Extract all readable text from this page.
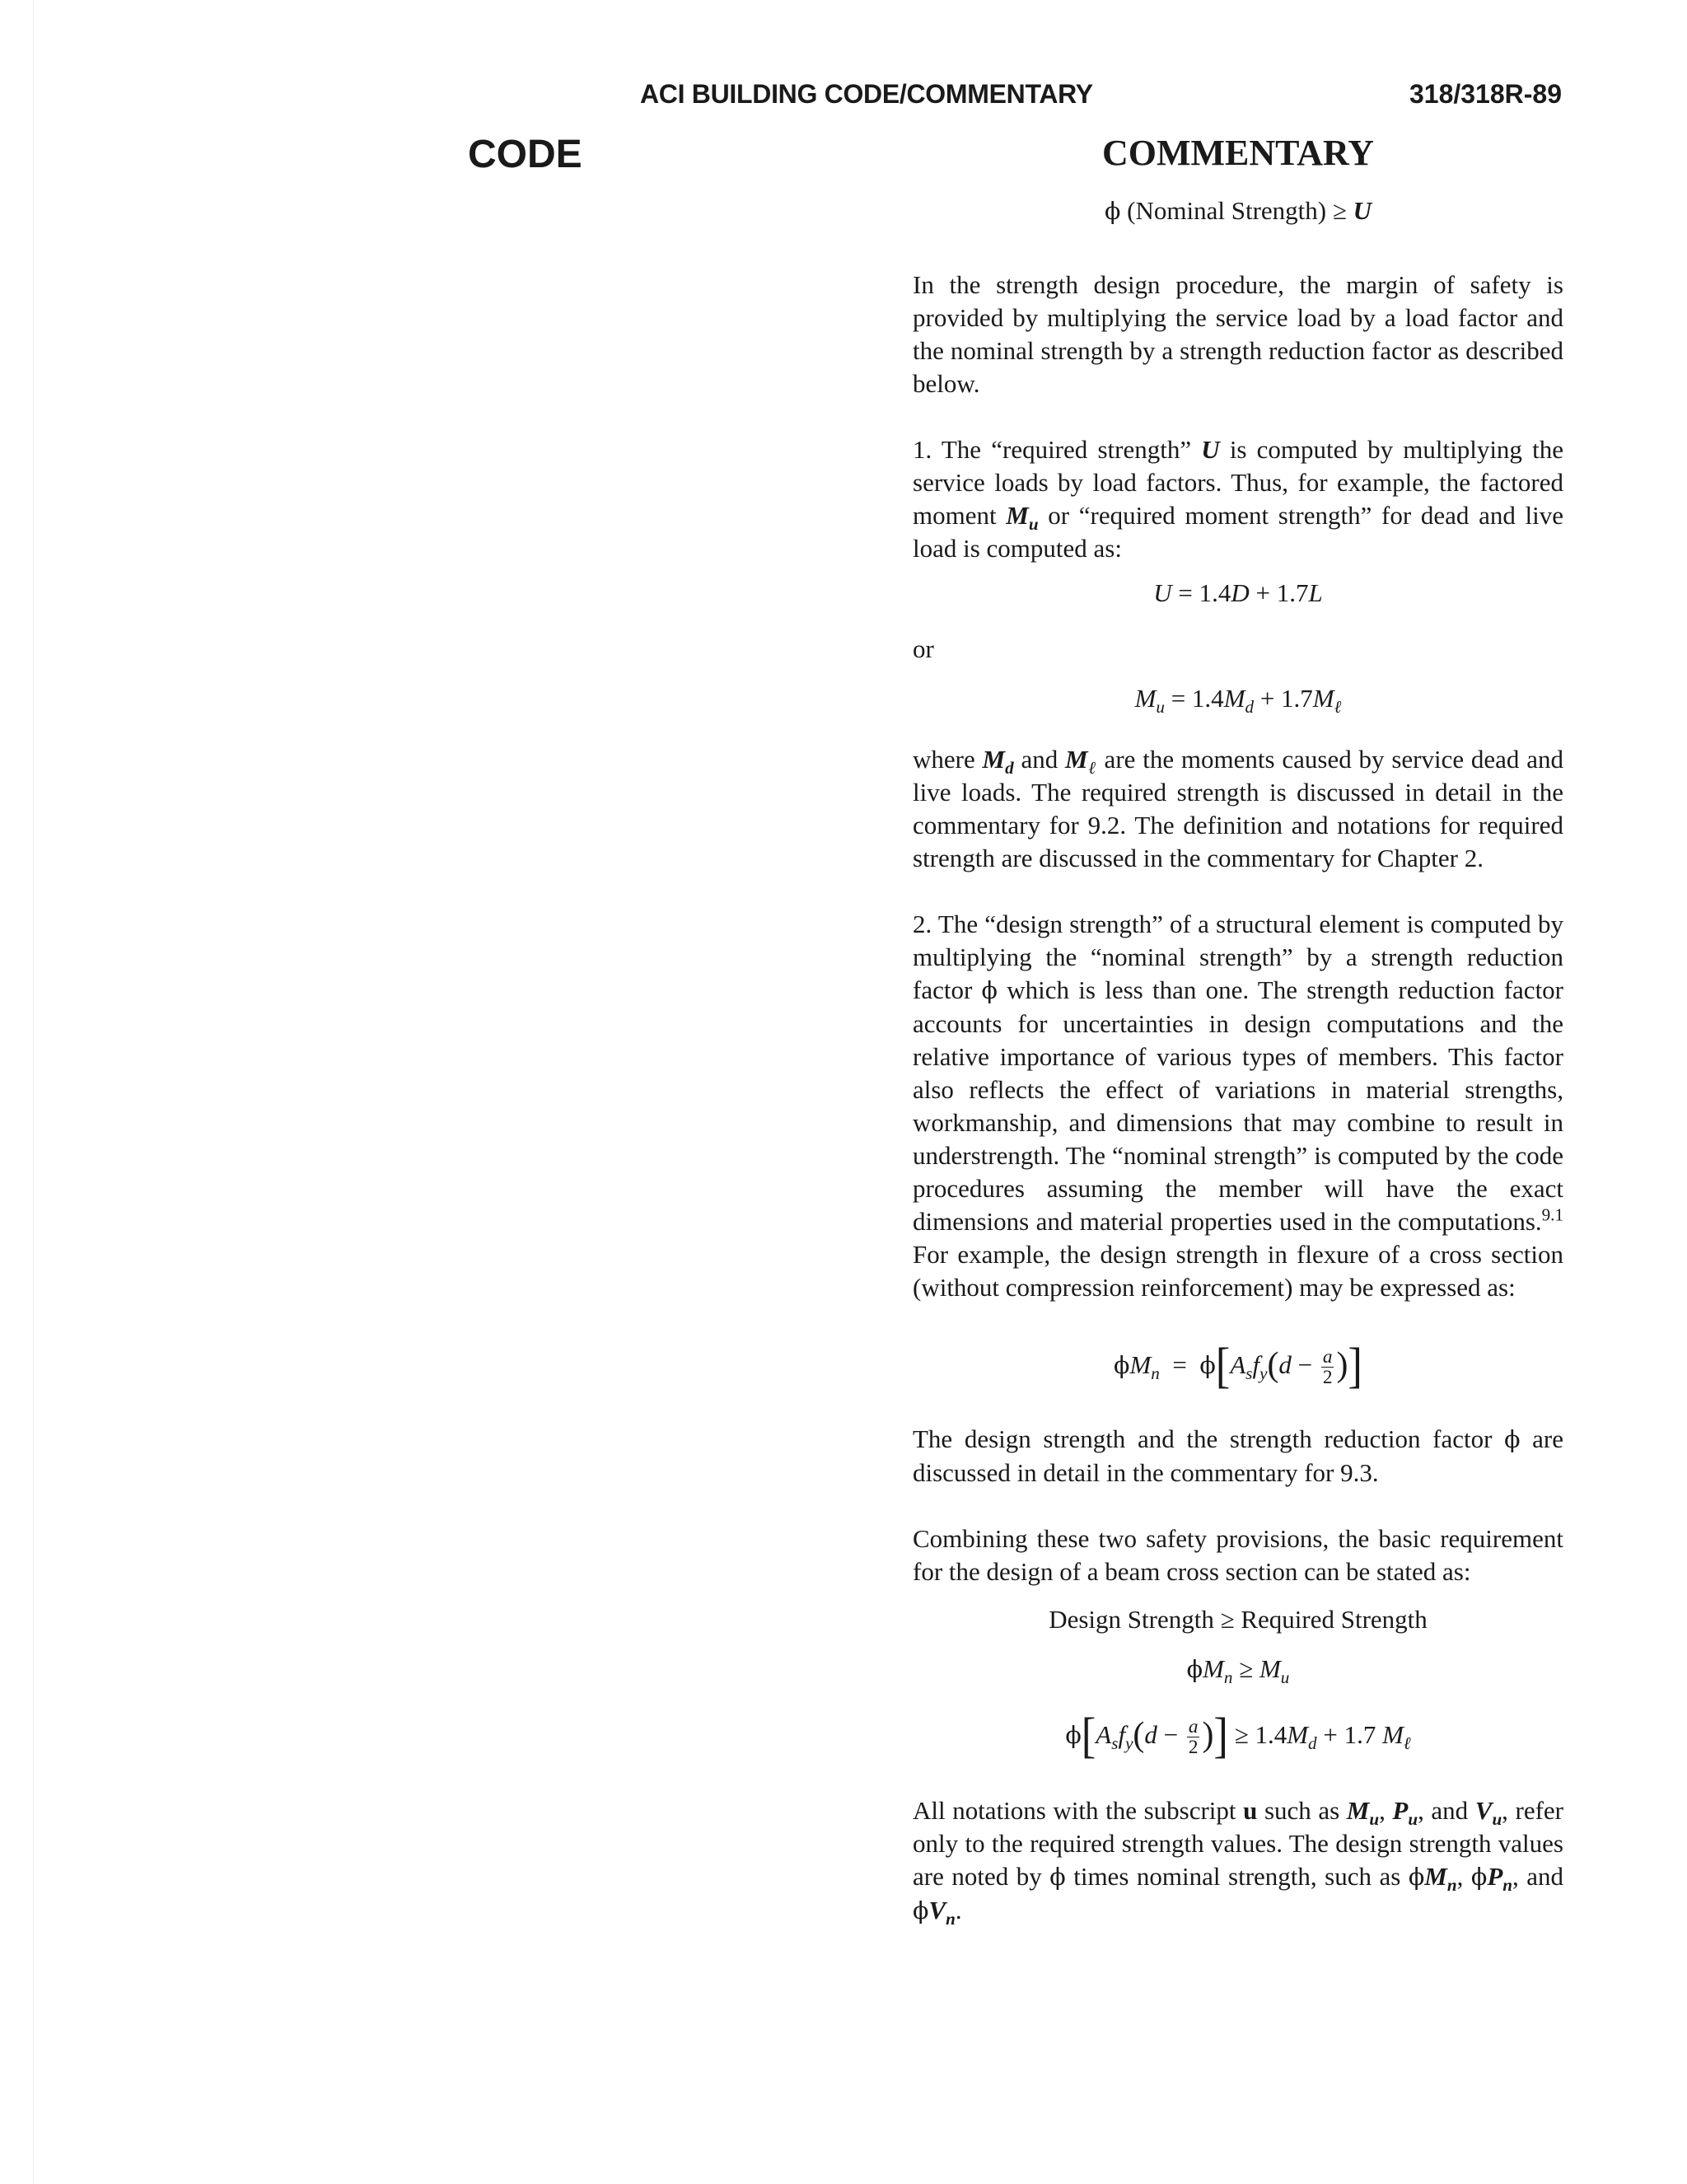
ACI BUILDING CODE/COMMENTARY	318/318R-89
CODE	COMMENTARY
ϕ (Nominal Strength) ≥ U

In the strength design procedure, the margin of safety is provided by multiplying the service load by a load factor and the nominal strength by a strength reduction factor as described below.

1. The “required strength” U is computed by multiplying the service loads by load factors. Thus, for example, the factored moment $M_u$ or “required moment strength” for dead and live load is computed as:

U = 1.4D + 1.7L
or
$M_u = 1.4M_d + 1.7M_\ell$

where $M_d$ and $M_\ell$ are the moments caused by service dead and live loads. The required strength is discussed in detail in the commentary for 9.2. The definition and notations for required strength are discussed in the commentary for Chapter 2.

2. The “design strength” of a structural element is computed by multiplying the “nominal strength” by a strength reduction factor ϕ which is less than one. The strength reduction factor accounts for uncertainties in design computations and the relative importance of various types of members. This factor also reflects the effect of variations in material strengths, workmanship, and dimensions that may combine to result in understrength. The “nominal strength” is computed by the code procedures assuming the member will have the exact dimensions and material properties used in the computations.$^{9.1}$ For example, the design strength in flexure of a cross section (without compression reinforcement) may be expressed as:

$\phi M_n = \phi[A_sf_y(d - \frac{a}{2}$ )]

The design strength and the strength reduction factor ϕ are discussed in detail in the commentary for 9.3.

Combining these two safety provisions, the basic requirement for the design of a beam cross section can be stated as:

Design Strength ≥ Required Strength
$\phi M_n \ge M_u$
$\phi[A_sf_y(d - \frac{a}{2}$ )] ≥ $1.4M_d + 1.7$ $M_\ell$

All notations with the subscript u such as $M_u$, $P_u$, and $V_u$, refer only to the required strength values. The design strength values are noted by ϕ times nominal strength, such as $\phi M_n$, $\phi P_n$, and $\phi V_n$.
